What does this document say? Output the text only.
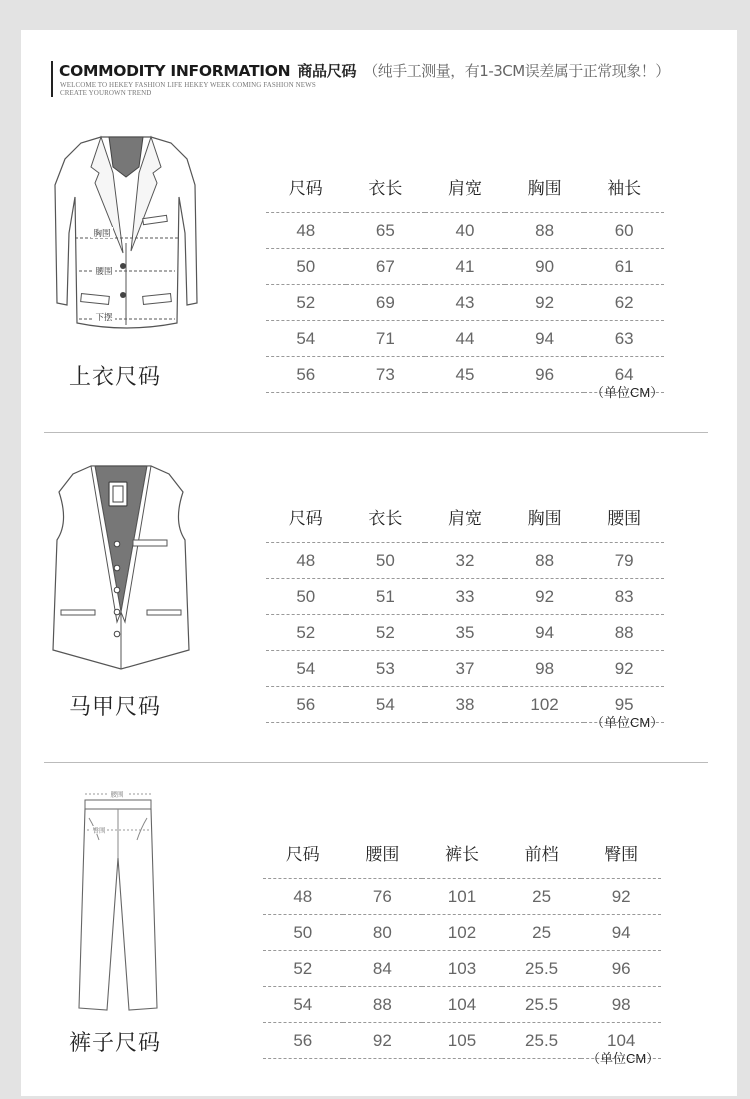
COMMODITY INFORMATION 商品尺码 （纯手工测量，有1-3CM误差属于正常现象！）
WELCOME TO HEKEY FASHION LIFE HEKEY WEEK COMING FASHION NEWS
CREATE YOUROWN TREND
胸围
腰围
下摆
上衣尺码
尺码	衣长	肩宽	胸围	袖长
48	65	40	88	60
50	67	41	90	61
52	69	43	92	62
54	71	44	94	63
56	73	45	96	64
（单位CM）
马甲尺码
尺码	衣长	肩宽	胸围	腰围
48	50	32	88	79
50	51	33	92	83
52	52	35	94	88
54	53	37	98	92
56	54	38	102	95
（单位CM）
腰围
臀围
裤子尺码
尺码	腰围	裤长	前档	臀围
48	76	101	25	92
50	80	102	25	94
52	84	103	25.5	96
54	88	104	25.5	98
56	92	105	25.5	104
（单位CM）
